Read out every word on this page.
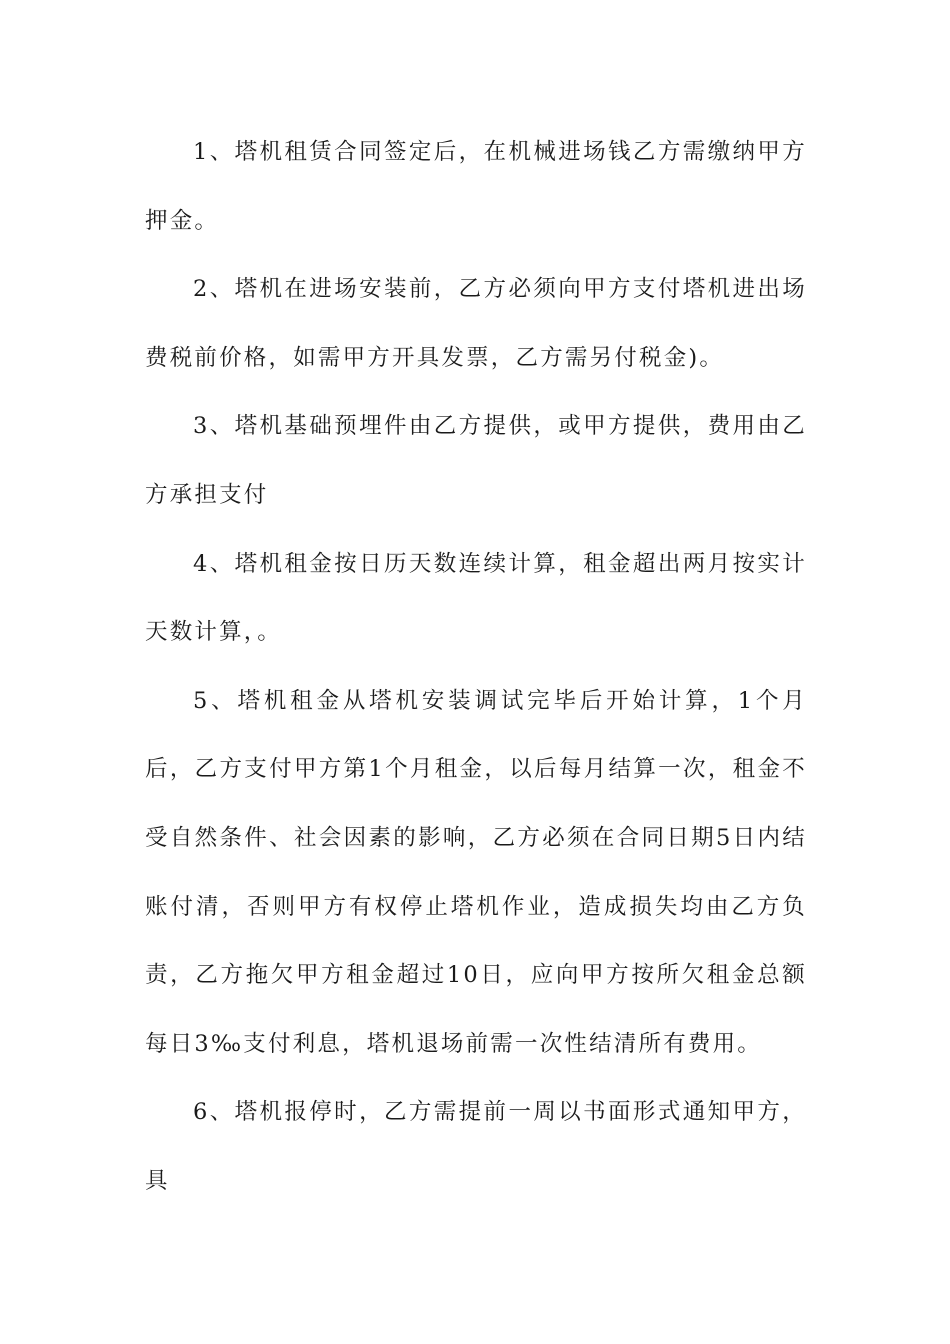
1、塔机租赁合同签定后，在机械进场钱乙方需缴纳甲方押金。

2、塔机在进场安装前，乙方必须向甲方支付塔机进出场费税前价格，如需甲方开具发票，乙方需另付税金)。

3、塔机基础预埋件由乙方提供，或甲方提供，费用由乙方承担支付

4、塔机租金按日历天数连续计算，租金超出两月按实计天数计算，。

5、塔机租金从塔机安装调试完毕后开始计算，1个月后，乙方支付甲方第1个月租金，以后每月结算一次，租金不受自然条件、社会因素的影响，乙方必须在合同日期5日内结账付清，否则甲方有权停止塔机作业，造成损失均由乙方负责，乙方拖欠甲方租金超过10日，应向甲方按所欠租金总额每日3‰支付利息，塔机退场前需一次性结清所有费用。

6、塔机报停时，乙方需提前一周以书面形式通知甲方，具
